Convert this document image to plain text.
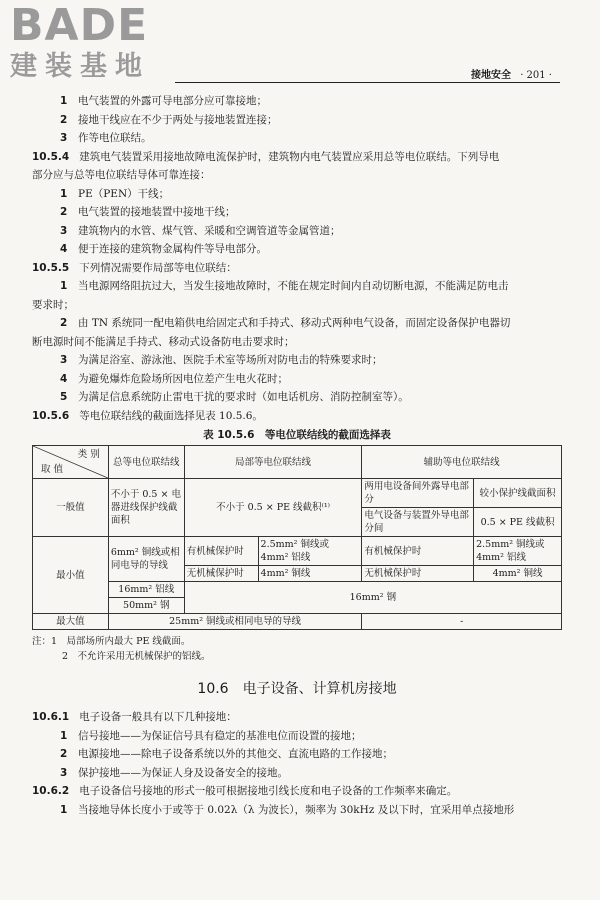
BADE
建装基地	接地安全 · 201 ·
1 电气装置的外露可导电部分应可靠接地；
2 接地干线应在不少于两处与接地装置连接；
3 作等电位联结。
10.5.4 建筑电气装置采用接地故障电流保护时，建筑物内电气装置应采用总等电位联结。下列导电
部分应与总等电位联结导体可靠连接：
1 PE（PEN）干线；
2 电气装置的接地装置中接地干线；
3 建筑物内的水管、煤气管、采暖和空调管道等金属管道；
4 便于连接的建筑物金属构件等导电部分。
10.5.5 下列情况需要作局部等电位联结：
1 当电源网络阻抗过大，当发生接地故障时，不能在规定时间内自动切断电源，不能满足防电击
要求时；
2 由 TN 系统同一配电箱供电给固定式和手持式、移动式两种电气设备，而固定设备保护电器切
断电源时间不能满足手持式、移动式设备防电击要求时；
3 为满足浴室、游泳池、医院手术室等场所对防电击的特殊要求时；
4 为避免爆炸危险场所因电位差产生电火花时；
5 为满足信息系统防止雷电干扰的要求时（如电话机房、消防控制室等）。
10.5.6 等电位联结线的截面选择见表 10.5.6。
表 10.5.6　等电位联结线的截面选择表
类 别
取 值	总等电位联结线	局部等电位联结线		辅助等电位联结线	
一般值	不小于 0.5 × 电器进线保护线截面积	不小于 0.5 × PE 线截积⁽¹⁾		两用电设备间外露导电部分	较小保护线截面积
				电气设备与装置外导电部分间	0.5 × PE 线截积
最小值	6mm² 铜线或相同电导的导线	有机械保护时	2.5mm² 铜线或 4mm² 铝线	有机械保护时	2.5mm² 铜线或 4mm² 铝线
		无机械保护时	4mm² 铜线	无机械保护时	4mm² 铜线
	16mm² 铝线	16mm² 钢			
	50mm² 钢				
最大值	25mm² 铜线或相同电导的导线			-	
注：1　局部场所内最大 PE 线截面。
2　不允许采用无机械保护的铝线。
10.6　电子设备、计算机房接地
10.6.1 电子设备一般具有以下几种接地：
1 信号接地——为保证信号具有稳定的基准电位而设置的接地；
2 电源接地——除电子设备系统以外的其他交、直流电路的工作接地；
3 保护接地——为保证人身及设备安全的接地。
10.6.2 电子设备信号接地的形式一般可根据接地引线长度和电子设备的工作频率来确定。
1 当接地导体长度小于或等于 0.02λ（λ 为波长），频率为 30kHz 及以下时，宜采用单点接地形
